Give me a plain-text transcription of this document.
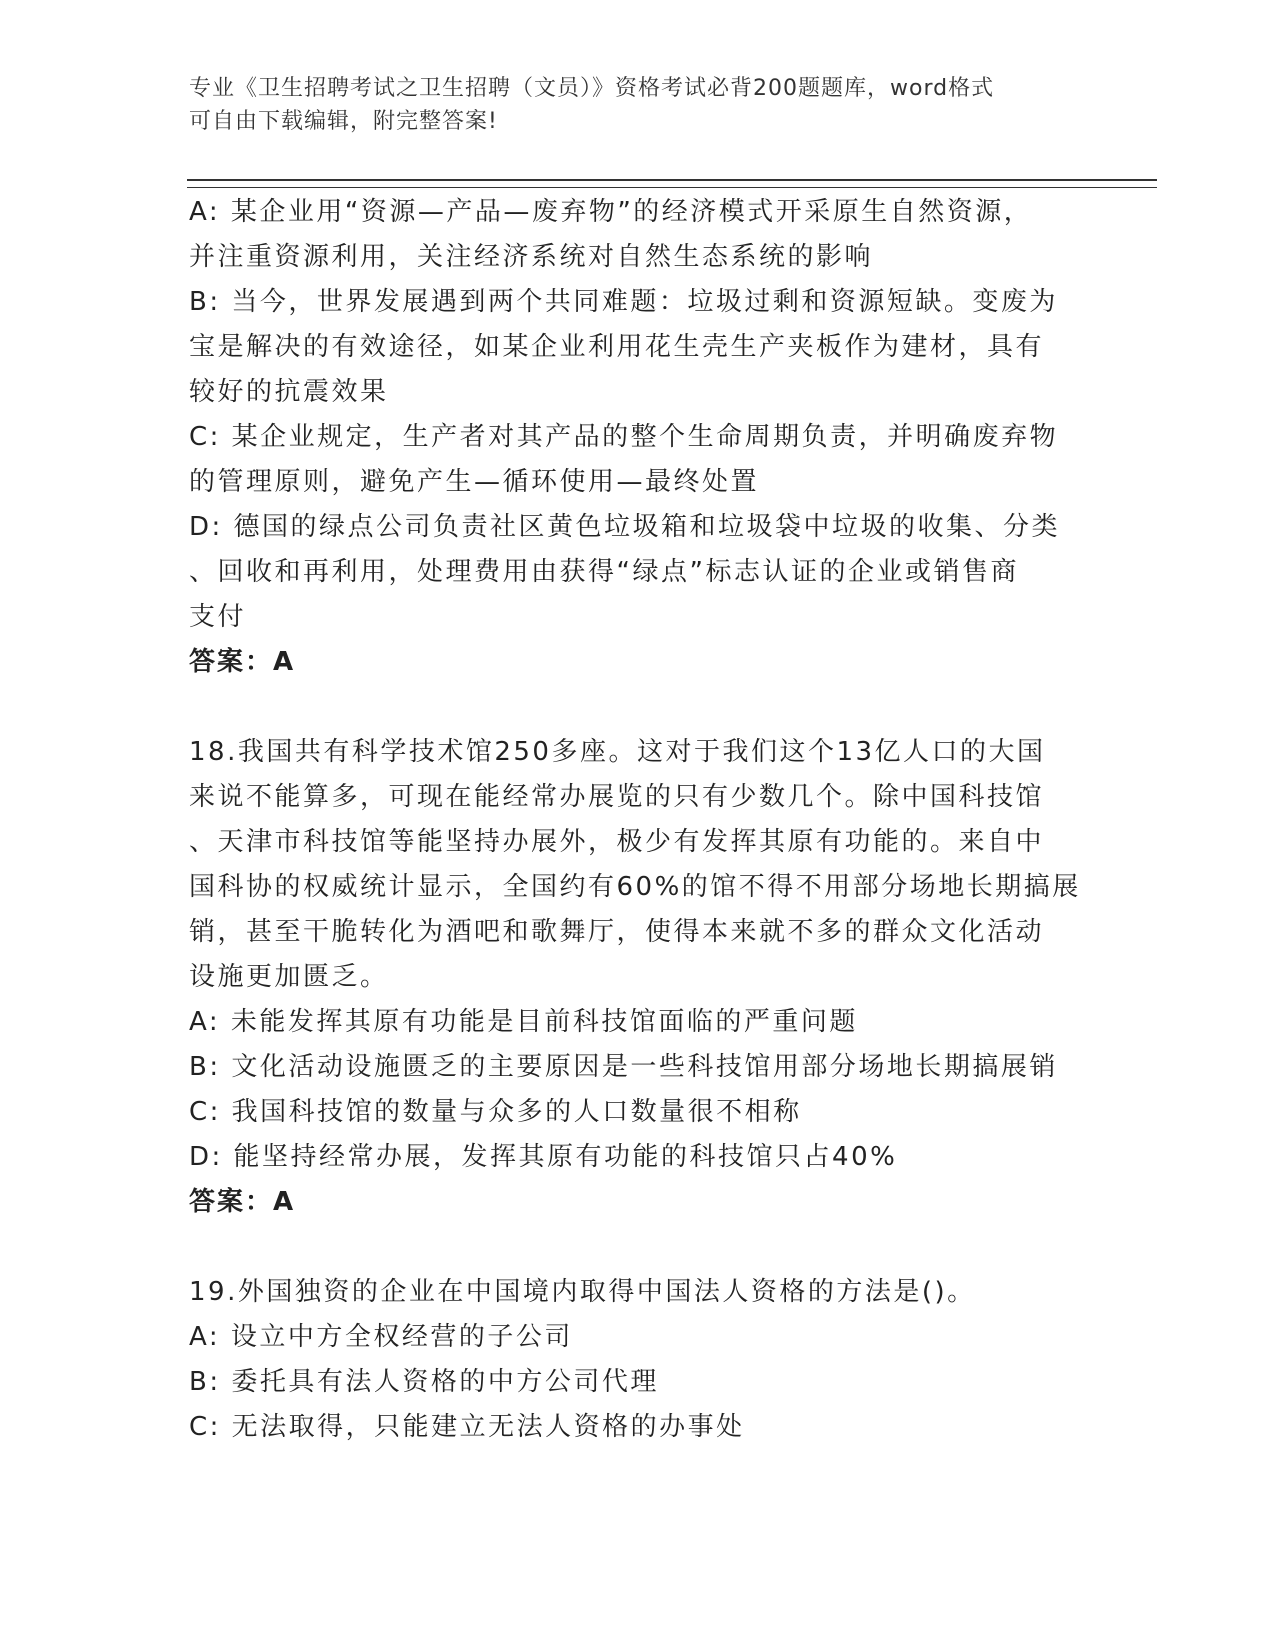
专业《卫生招聘考试之卫生招聘（文员）》资格考试必背200题题库，word格式
可自由下载编辑，附完整答案!
A: 某企业用“资源—产品—废弃物”的经济模式开采原生自然资源，
并注重资源利用，关注经济系统对自然生态系统的影响
B: 当今，世界发展遇到两个共同难题：垃圾过剩和资源短缺。变废为
宝是解决的有效途径，如某企业利用花生壳生产夹板作为建材，具有
较好的抗震效果
C: 某企业规定，生产者对其产品的整个生命周期负责，并明确废弃物
的管理原则，避免产生—循环使用—最终处置
D: 德国的绿点公司负责社区黄色垃圾箱和垃圾袋中垃圾的收集、分类
、回收和再利用，处理费用由获得“绿点”标志认证的企业或销售商
支付
答案：A
18.我国共有科学技术馆250多座。这对于我们这个13亿人口的大国
来说不能算多，可现在能经常办展览的只有少数几个。除中国科技馆
、天津市科技馆等能坚持办展外，极少有发挥其原有功能的。来自中
国科协的权威统计显示，全国约有60%的馆不得不用部分场地长期搞展
销，甚至干脆转化为酒吧和歌舞厅，使得本来就不多的群众文化活动
设施更加匮乏。
A: 未能发挥其原有功能是目前科技馆面临的严重问题
B: 文化活动设施匮乏的主要原因是一些科技馆用部分场地长期搞展销
C: 我国科技馆的数量与众多的人口数量很不相称
D: 能坚持经常办展，发挥其原有功能的科技馆只占40%
答案：A
19.外国独资的企业在中国境内取得中国法人资格的方法是()。
A: 设立中方全权经营的子公司
B: 委托具有法人资格的中方公司代理
C: 无法取得，只能建立无法人资格的办事处
